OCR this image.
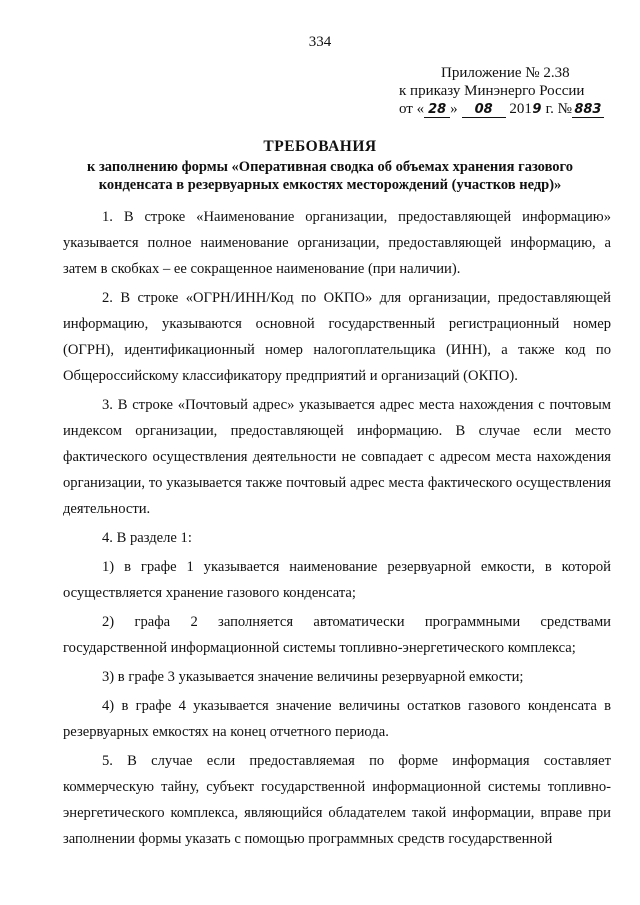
334
Приложение № 2.38
к приказу Минэнерго России
от « 28 » 08 2019 г. № 883
ТРЕБОВАНИЯ
к заполнению формы «Оперативная сводка об объемах хранения газового
конденсата в резервуарных емкостях месторождений (участков недр)»

1. В строке «Наименование организации, предоставляющей информацию» указывается полное наименование организации, предоставляющей информацию, а затем в скобках – ее сокращенное наименование (при наличии).

2. В строке «ОГРН/ИНН/Код по ОКПО» для организации, предоставляющей информацию, указываются основной государственный регистрационный номер (ОГРН), идентификационный номер налогоплательщика (ИНН), а также код по Общероссийскому классификатору предприятий и организаций (ОКПО).

3. В строке «Почтовый адрес» указывается адрес места нахождения с почтовым индексом организации, предоставляющей информацию. В случае если место фактического осуществления деятельности не совпадает с адресом места нахождения организации, то указывается также почтовый адрес места фактического осуществления деятельности.

4. В разделе 1:

1) в графе 1 указывается наименование резервуарной емкости, в которой осуществляется хранение газового конденсата;

2) графа 2 заполняется автоматически программными средствами государственной информационной системы топливно-энергетического комплекса;

3) в графе 3 указывается значение величины резервуарной емкости;

4) в графе 4 указывается значение величины остатков газового конденсата в резервуарных емкостях на конец отчетного периода.

5. В случае если предоставляемая по форме информация составляет коммерческую тайну, субъект государственной информационной системы топливно-энергетического комплекса, являющийся обладателем такой информации, вправе при заполнении формы указать с помощью программных средств государственной
